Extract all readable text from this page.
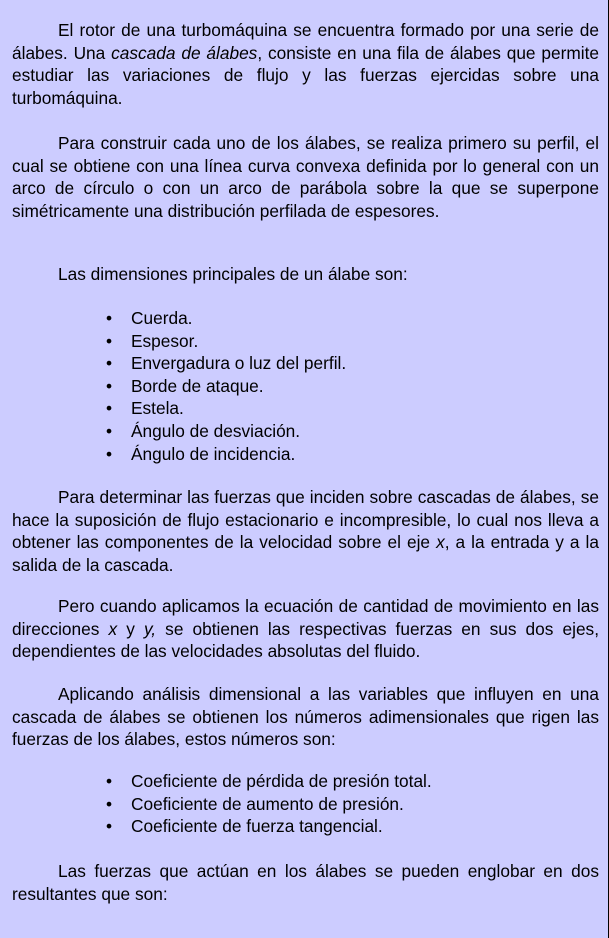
El rotor de una turbomáquina se encuentra formado por una serie de álabes. Una cascada de álabes, consiste en una fila de álabes que permite estudiar las variaciones de flujo y las fuerzas ejercidas sobre una turbomáquina.

Para construir cada uno de los álabes, se realiza primero su perfil, el cual se obtiene con una línea curva convexa definida por lo general con un arco de círculo o con un arco de parábola sobre la que se superpone simétricamente una distribución perfilada de espesores.

Las dimensiones principales de un álabe son:

• Cuerda.
• Espesor.
• Envergadura o luz del perfil.
• Borde de ataque.
• Estela.
• Ángulo de desviación.
• Ángulo de incidencia.

Para determinar las fuerzas que inciden sobre cascadas de álabes, se hace la suposición de flujo estacionario e incompresible, lo cual nos lleva a obtener las componentes de la velocidad sobre el eje x, a la entrada y a la salida de la cascada.

Pero cuando aplicamos la ecuación de cantidad de movimiento en las direcciones x y y, se obtienen las respectivas fuerzas en sus dos ejes, dependientes de las velocidades absolutas del fluido.

Aplicando análisis dimensional a las variables que influyen en una cascada de álabes se obtienen los números adimensionales que rigen las fuerzas de los álabes, estos números son:

• Coeficiente de pérdida de presión total.
• Coeficiente de aumento de presión.
• Coeficiente de fuerza tangencial.

Las fuerzas que actúan en los álabes se pueden englobar en dos resultantes que son:
